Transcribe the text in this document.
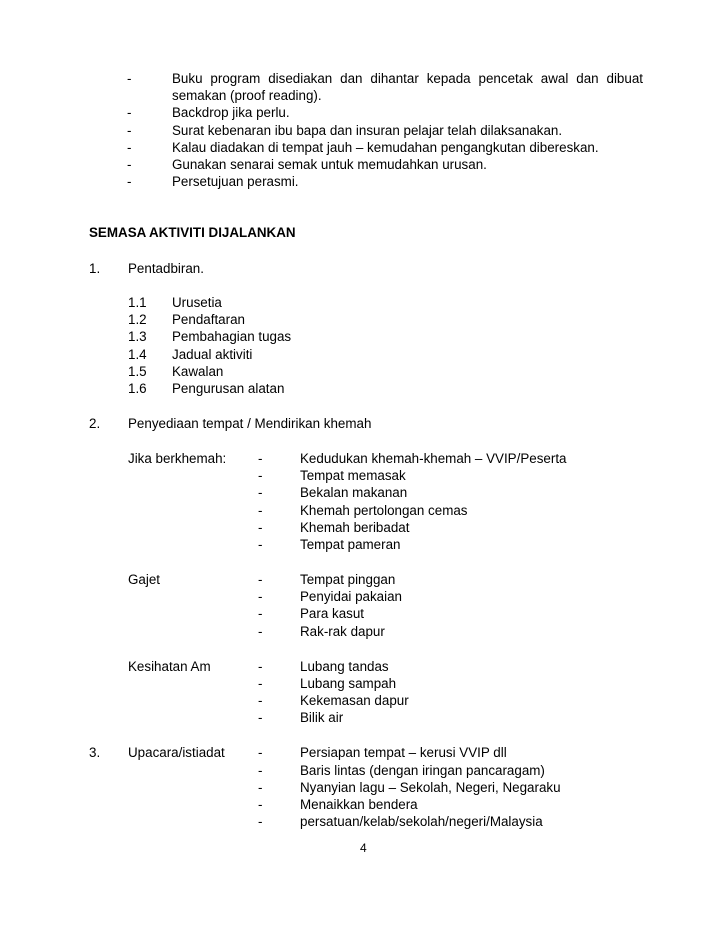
-	Buku program disediakan dan dihantar kepada pencetak awal dan dibuat
semakan (proof reading).
-	Backdrop jika perlu.
-	Surat kebenaran ibu bapa dan insuran pelajar telah dilaksanakan.
-	Kalau diadakan di tempat jauh – kemudahan pengangkutan dibereskan.
-	Gunakan senarai semak untuk memudahkan urusan.
-	Persetujuan perasmi.
SEMASA AKTIVITI DIJALANKAN
1. Pentadbiran.
1.1 Urusetia
1.2 Pendaftaran
1.3 Pembahagian tugas
1.4 Jadual aktiviti
1.5 Kawalan
1.6 Pengurusan alatan
2. Penyediaan tempat / Mendirikan khemah
Jika berkhemah: -	Kedudukan khemah-khemah – VVIP/Peserta
-	Tempat memasak
-	Bekalan makanan
-	Khemah pertolongan cemas
-	Khemah beribadat
-	Tempat pameran
Gajet	-	Tempat pinggan
-	Penyidai pakaian
-	Para kasut
-	Rak-rak dapur
Kesihatan Am	-	Lubang tandas
-	Lubang sampah
-	Kekemasan dapur
-	Bilik air
3. Upacara/istiadat -	Persiapan tempat – kerusi VVIP dll
-	Baris lintas (dengan iringan pancaragam)
-	Nyanyian lagu – Sekolah, Negeri, Negaraku
-	Menaikkan bendera
-	persatuan/kelab/sekolah/negeri/Malaysia
4
